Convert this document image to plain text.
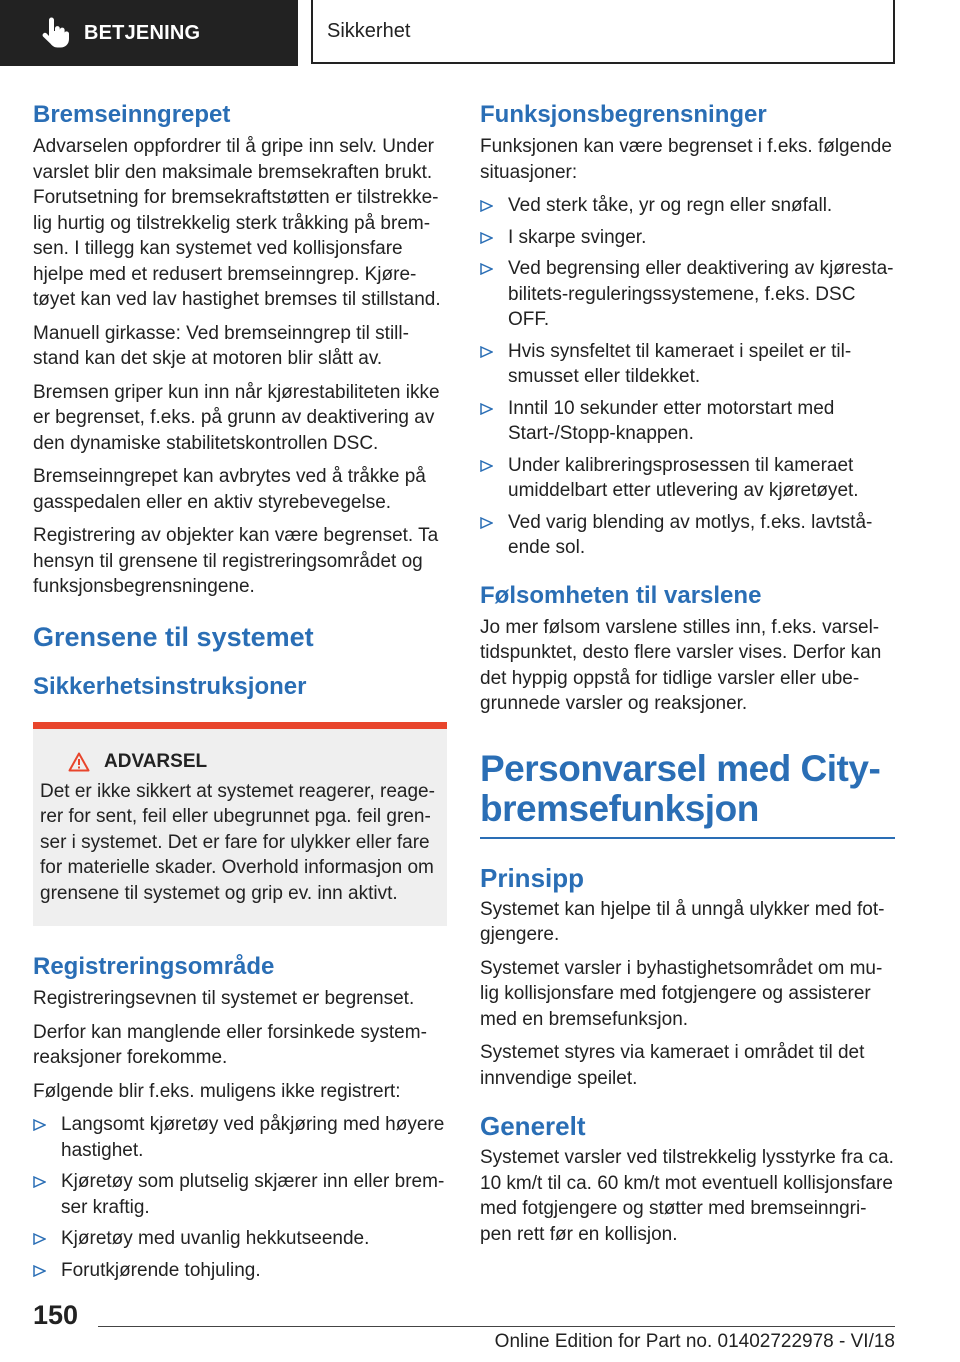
BETJENING	Sikkerhet
Bremseinngrepet

Advarselen oppfordrer til å gripe inn selv. Under varslet blir den maksimale bremsekraften brukt. Forutsetning for bremsekraftstøtten er tilstrekke- lig hurtig og tilstrekkelig sterk tråkking på brem- sen. I tillegg kan systemet ved kollisjonsfare hjelpe med et redusert bremseinngrep. Kjøre- tøyet kan ved lav hastighet bremses til stillstand.

Manuell girkasse: Ved bremseinngrep til still- stand kan det skje at motoren blir slått av.

Bremsen griper kun inn når kjørestabiliteten ikke er begrenset, f.eks. på grunn av deaktivering av den dynamiske stabilitetskontrollen DSC.

Bremseinngrepet kan avbrytes ved å tråkke på gasspedalen eller en aktiv styrebevegelse.

Registrering av objekter kan være begrenset. Ta hensyn til grensene til registreringsområdet og funksjonsbegrensningene.

Grensene til systemet
Sikkerhetsinstruksjoner
ADVARSEL

Det er ikke sikkert at systemet reagerer, reage- rer for sent, feil eller ubegrunnet pga. feil gren- ser i systemet. Det er fare for ulykker eller fare for materielle skader. Overhold informasjon om grensene til systemet og grip ev. inn aktivt.

Registreringsområde

Registreringsevnen til systemet er begrenset.

Derfor kan manglende eller forsinkede system- reaksjoner forekomme.

Følgende blir f.eks. muligens ikke registrert:

Langsomt kjøretøy ved påkjøring med høyere hastighet.
Kjøretøy som plutselig skjærer inn eller brem- ser kraftig.
Kjøretøy med uvanlig hekkutseende.
Forutkjørende tohjuling.
Funksjonsbegrensninger

Funksjonen kan være begrenset i f.eks. følgende situasjoner:

Ved sterk tåke, yr og regn eller snøfall.
I skarpe svinger.
Ved begrensing eller deaktivering av kjøresta- bilitets-reguleringssystemene, f.eks. DSC OFF.
Hvis synsfeltet til kameraet i speilet er til- smusset eller tildekket.
Inntil 10 sekunder etter motorstart med Start-/Stopp-knappen.
Under kalibreringsprosessen til kameraet umiddelbart etter utlevering av kjøretøyet.
Ved varig blending av motlys, f.eks. lavtstå- ende sol.
Følsomheten til varslene

Jo mer følsom varslene stilles inn, f.eks. varsel- tidspunktet, desto flere varsler vises. Derfor kan det hyppig oppstå for tidlige varsler eller ube- grunnede varsler og reaksjoner.

Personvarsel med City-
bremsefunksjon
Prinsipp

Systemet kan hjelpe til å unngå ulykker med fot- gjengere.

Systemet varsler i byhastighetsområdet om mu- lig kollisjonsfare med fotgjengere og assisterer med en bremsefunksjon.

Systemet styres via kameraet i området til det innvendige speilet.

Generelt

Systemet varsler ved tilstrekkelig lysstyrke fra ca. 10 km/t til ca. 60 km/t mot eventuell kollisjonsfare med fotgjengere og støtter med bremseinngri- pen rett før en kollisjon.

150
Online Edition for Part no. 01402722978 - VI/18
